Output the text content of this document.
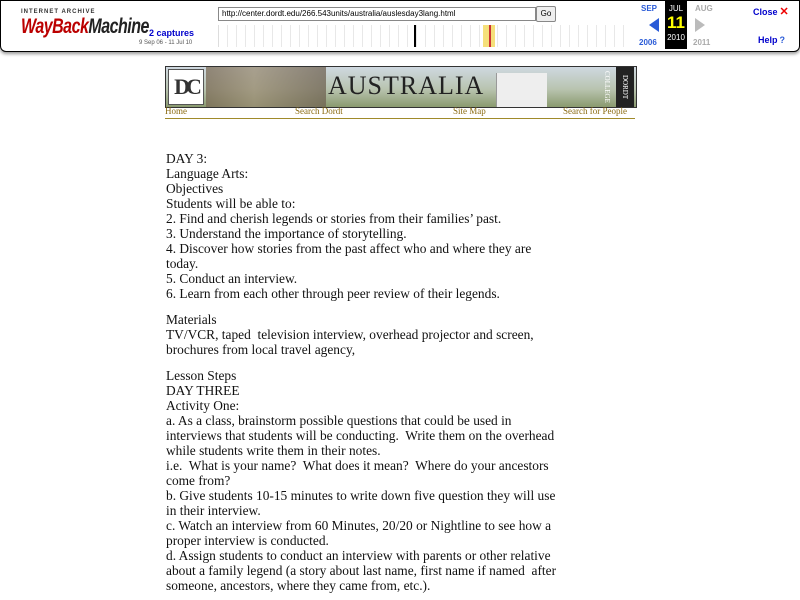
INTERNET ARCHIVE
WayBackMachine 2 captures
9 Sep 06 - 11 Jul 10
http://center.dordt.edu/266.543units/australia/auslesday3lang.html	Go
SEP
2006
JUL
11
2010
AUG
2011
Close ✕
Help ?
DC	AUSTRALIA	DORDT COLLEGE
Home	Search Dordt	Site Map	Search for People
DAY 3:
Language Arts:
Objectives
Students will be able to:
2. Find and cherish legends or stories from their families’ past.
3. Understand the importance of storytelling.
4. Discover how stories from the past affect who and where they are
today.
5. Conduct an interview.
6. Learn from each other through peer review of their legends.
Materials
TV/VCR, taped  television interview, overhead projector and screen,
brochures from local travel agency,
Lesson Steps
DAY THREE
Activity One:
a. As a class, brainstorm possible questions that could be used in
interviews that students will be conducting.  Write them on the overhead
while students write them in their notes.
i.e.  What is your name?  What does it mean?  Where do your ancestors
come from?
b. Give students 10-15 minutes to write down five question they will use
in their interview.
c. Watch an interview from 60 Minutes, 20/20 or Nightline to see how a
proper interview is conducted.
d. Assign students to conduct an interview with parents or other relative
about a family legend (a story about last name, first name if named  after
someone, ancestors, where they came from, etc.).
